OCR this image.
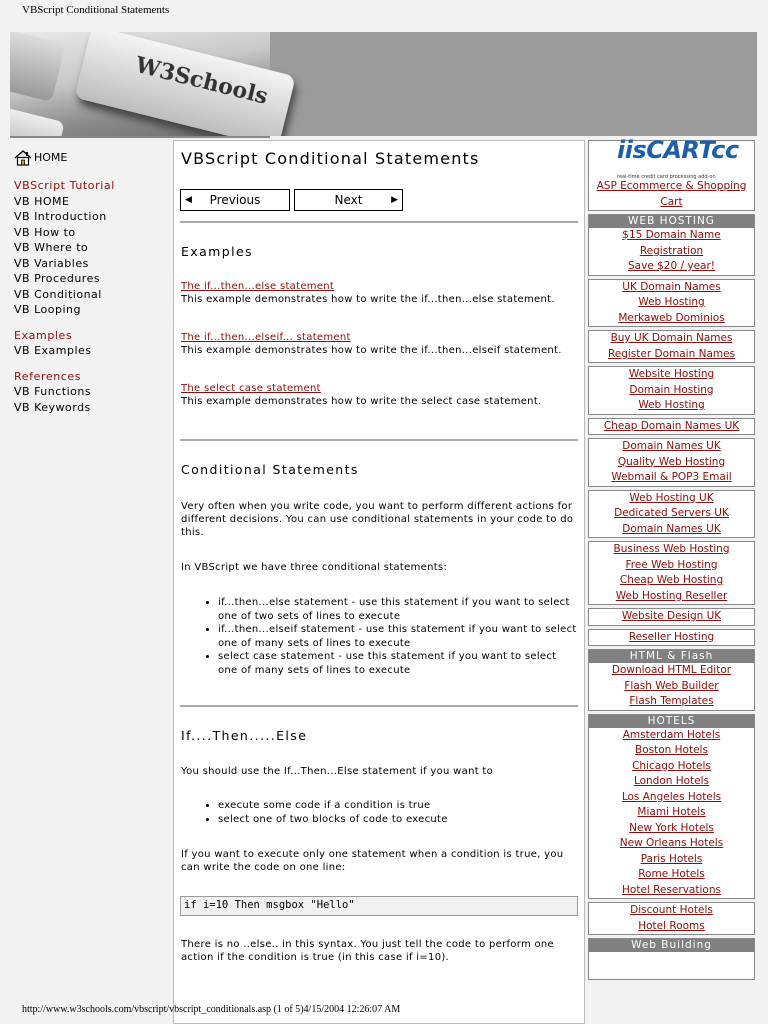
VBScript Conditional Statements
W3Schools
HOME
VBScript Tutorial
VB HOME
VB Introduction
VB How to
VB Where to
VB Variables
VB Procedures
VB Conditional
VB Looping
Examples
VB Examples
References
VB Functions
VB Keywords
VBScript Conditional Statements
◀	Previous	Next	▶
Examples
The if...then...else statement
This example demonstrates how to write the if...then...else statement.
The if...then...elseif... statement
This example demonstrates how to write the if...then...elseif statement.
The select case statement
This example demonstrates how to write the select case statement.
Conditional Statements
Very often when you write code, you want to perform different actions for different decisions. You can use conditional statements in your code to do this.
In VBScript we have three conditional statements:
• if...then...else statement - use this statement if you want to select one of two sets of lines to execute
• if...then...elseif statement - use this statement if you want to select one of many sets of lines to execute
• select case statement - use this statement if you want to select one of many sets of lines to execute
If....Then.....Else
You should use the If...Then...Else statement if you want to
• execute some code if a condition is true
• select one of two blocks of code to execute
If you want to execute only one statement when a condition is true, you can write the code on one line:
if i=10 Then msgbox "Hello"
There is no ..else.. in this syntax. You just tell the code to perform one action if the condition is true (in this case if i=10).
iisCARTcc
real-time credit card processing add-on
ASP Ecommerce & Shopping Cart
WEB HOSTING
$15 Domain Name Registration
Save $20 / year!
UK Domain Names
Web Hosting
Merkaweb Dominios
Buy UK Domain Names
Register Domain Names
Website Hosting
Domain Hosting
Web Hosting
Cheap Domain Names UK
Domain Names UK
Quality Web Hosting
Webmail & POP3 Email
Web Hosting UK
Dedicated Servers UK
Domain Names UK
Business Web Hosting
Free Web Hosting
Cheap Web Hosting
Web Hosting Reseller
Website Design UK
Reseller Hosting
HTML & Flash
Download HTML Editor
Flash Web Builder
Flash Templates
HOTELS
Amsterdam Hotels
Boston Hotels
Chicago Hotels
London Hotels
Los Angeles Hotels
Miami Hotels
New York Hotels
New Orleans Hotels
Paris Hotels
Rome Hotels
Hotel Reservations
Discount Hotels
Hotel Rooms
Web Building
http://www.w3schools.com/vbscript/vbscript_conditionals.asp (1 of 5)4/15/2004 12:26:07 AM
